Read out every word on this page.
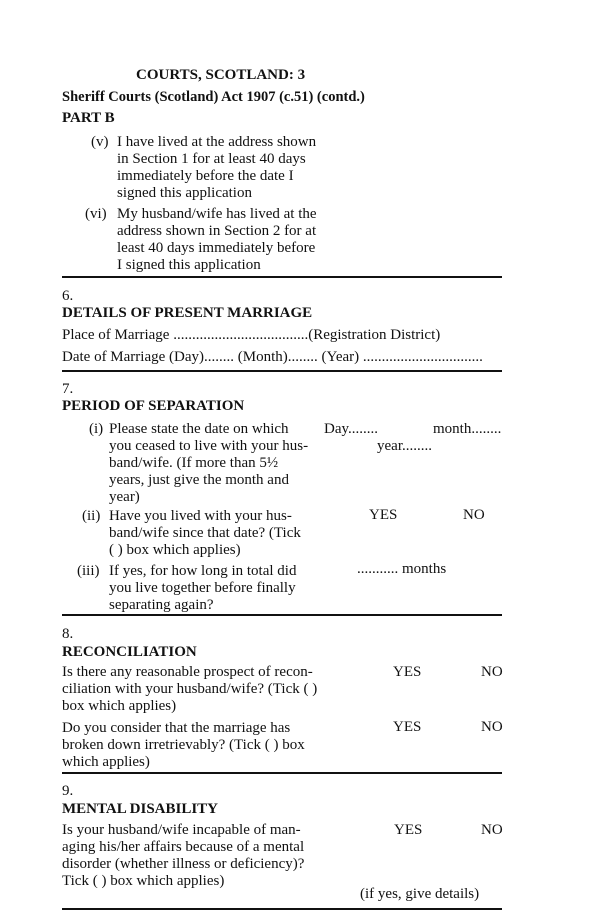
COURTS, SCOTLAND: 3
Sheriff Courts (Scotland) Act 1907 (c.51) (contd.)
PART B
(v) I have lived at the address shown
in Section 1 for at least 40 days
immediately before the date I
signed this application
(vi) My husband/wife has lived at the
address shown in Section 2 for at
least 40 days immediately before
I signed this application
6.
DETAILS OF PRESENT MARRIAGE
Place of Marriage ....................................(Registration District)
Date of Marriage (Day)........ (Month)........ (Year) ................................
7.
PERIOD OF SEPARATION
(i) Please state the date on which
you ceased to live with your hus-
band/wife. (If more than 5½
years, just give the month and
year)
Day........	month........
year........
(ii) Have you lived with your hus-
band/wife since that date? (Tick
( ) box which applies)
YES	NO
(iii) If yes, for how long in total did
you live together before finally
separating again?
........... months
8.
RECONCILIATION
Is there any reasonable prospect of recon-
ciliation with your husband/wife? (Tick ( )
box which applies)
YES	NO
Do you consider that the marriage has
broken down irretrievably? (Tick ( ) box
which applies)
YES	NO
9.
MENTAL DISABILITY
Is your husband/wife incapable of man-
aging his/her affairs because of a mental
disorder (whether illness or deficiency)?
Tick ( ) box which applies)
YES	NO
(if yes, give details)
